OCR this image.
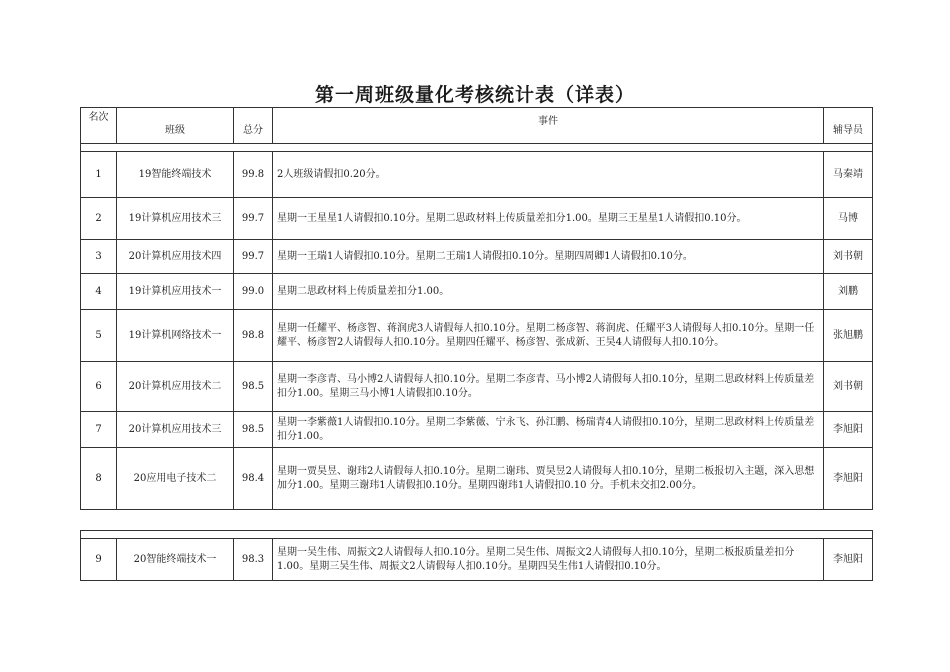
第一周班级量化考核统计表（详表）
名次	班级	总分	事件	辅导员

1	19智能终端技术	99.8	2人班级请假扣0.20分。	马秦靖
2	19计算机应用技术三	99.7	星期一王星星1人请假扣0.10分。星期二思政材料上传质量差扣分1.00。星期三王星星1人请假扣0.10分。	马博
3	20计算机应用技术四	99.7	星期一王瑞1人请假扣0.10分。星期二王瑞1人请假扣0.10分。星期四周卿1人请假扣0.10分。	刘书朝
4	19计算机应用技术一	99.0	星期二思政材料上传质量差扣分1.00。	刘鹏
5	19计算机网络技术一	98.8	星期一任耀平、杨彦智、蒋润虎3人请假每人扣0.10分。星期二杨彦智、蒋润虎、任耀平3人请假每人扣0.10分。星期一任耀平、杨彦智2人请假每人扣0.10分。星期四任耀平、杨彦智、张成新、王昊4人请假每人扣0.10分。	张旭鹏
6	20计算机应用技术二	98.5	星期一李彦青、马小博2人请假每人扣0.10分。星期二李彦青、马小博2人请假每人扣0.10分，星期二思政材料上传质量差扣分1.00。星期三马小博1人请假扣0.10分。	刘书朝
7	20计算机应用技术三	98.5	星期一李紫薇1人请假扣0.10分。星期二李紫薇、宁永飞、孙江鹏、杨瑞青4人请假扣0.10分，星期二思政材料上传质量差扣分1.00。	李旭阳
8	20应用电子技术二	98.4	星期一贾昊昱、谢玮2人请假每人扣0.10分。星期二谢玮、贾昊昱2人请假每人扣0.10分，星期二板报切入主题，深入思想加分1.00。星期三谢玮1人请假扣0.10分。星期四谢玮1人请假扣0.10 分。手机未交扣2.00分。	李旭阳

9	20智能终端技术一	98.3	星期一吴生伟、周振文2人请假每人扣0.10分。星期二吴生伟、周振文2人请假每人扣0.10分，星期二板报质量差扣分1.00。星期三吴生伟、周振文2人请假每人扣0.10分。星期四吴生伟1人请假扣0.10分。	李旭阳
